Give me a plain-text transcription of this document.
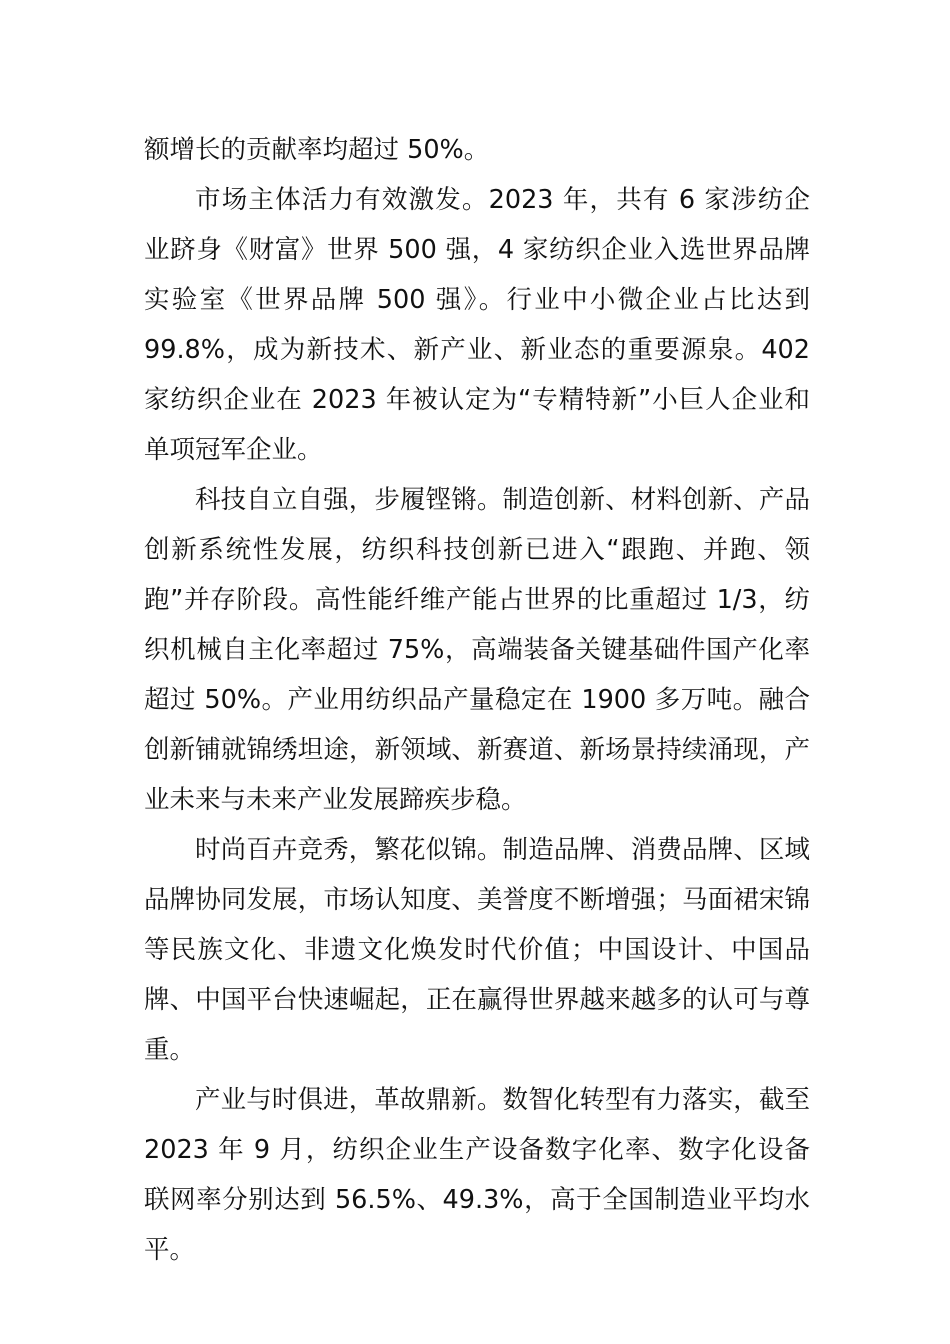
额增长的贡献率均超过 50%。

市场主体活力有效激发。2023 年，共有 6 家涉纺企业跻身《财富》世界 500 强，4 家纺织企业入选世界品牌实验室《世界品牌 500 强》。行业中小微企业占比达到 99.8%，成为新技术、新产业、新业态的重要源泉。402 家纺织企业在 2023 年被认定为“专精特新”小巨人企业和单项冠军企业。

科技自立自强，步履铿锵。制造创新、材料创新、产品创新系统性发展，纺织科技创新已进入“跟跑、并跑、领跑”并存阶段。高性能纤维产能占世界的比重超过 1/3，纺织机械自主化率超过 75%，高端装备关键基础件国产化率超过 50%。产业用纺织品产量稳定在 1900 多万吨。融合创新铺就锦绣坦途，新领域、新赛道、新场景持续涌现，产业未来与未来产业发展蹄疾步稳。

时尚百卉竞秀，繁花似锦。制造品牌、消费品牌、区域品牌协同发展，市场认知度、美誉度不断增强；马面裙宋锦等民族文化、非遗文化焕发时代价值；中国设计、中国品牌、中国平台快速崛起，正在赢得世界越来越多的认可与尊重。

产业与时俱进，革故鼎新。数智化转型有力落实，截至 2023 年 9 月，纺织企业生产设备数字化率、数字化设备联网率分别达到 56.5%、49.3%，高于全国制造业平均水平。
